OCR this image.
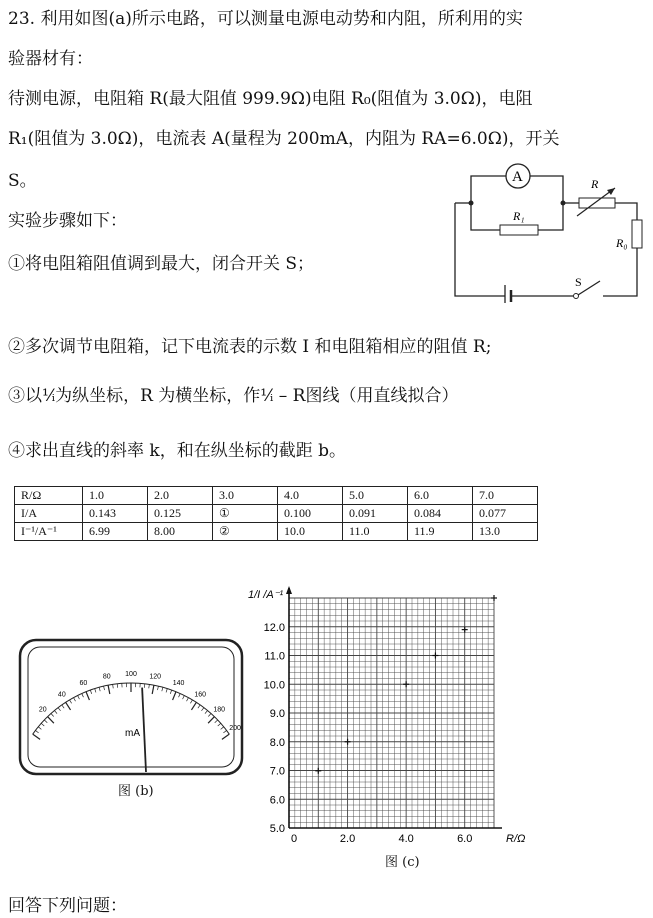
23. 利用如图(a)所示电路，可以测量电源电动势和内阻，所利用的实
验器材有：
待测电源，电阻箱 R(最大阻值 999.9Ω)电阻 R₀(阻值为 3.0Ω)，电阻
R₁(阻值为 3.0Ω)，电流表 A(量程为 200mA，内阻为 RA=6.0Ω)，开关
S。
实验步骤如下：
①将电阻箱阻值调到最大，闭合开关 S；
②多次调节电阻箱，记下电流表的示数 I 和电阻箱相应的阻值 R;
③以¹⁄ᵢ为纵坐标，R 为横坐标，作¹⁄ᵢ – R图线（用直线拟合）
④求出直线的斜率 k，和在纵坐标的截距 b。
回答下列问题：
S
R₀
R
A
R₁
R/Ω	1.0	2.0	3.0	4.0	5.0	6.0	7.0
I/A	0.143	0.125	①	0.100	0.091	0.084	0.077
I⁻¹/A⁻¹	6.99	8.00	②	10.0	11.0	11.9	13.0
20
40
60
80 100 120
140
160
180
200
mA
图 (b)
5.0
6.0
7.0
8.0
9.0
10.0
11.0
12.0
2.0	4.0	6.0
1/I /A⁻¹
R/Ω
0
图 (c)
